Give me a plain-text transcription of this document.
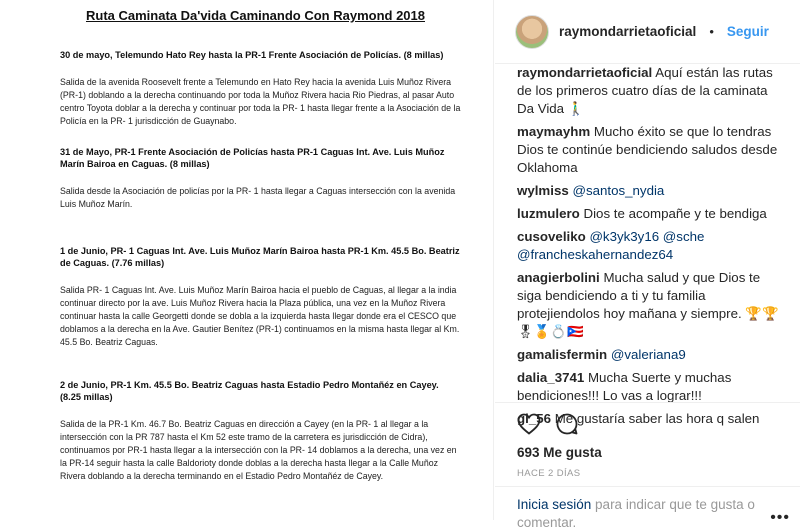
Ruta Caminata Da'vida Caminando Con Raymond 2018
30 de mayo, Telemundo Hato Rey hasta la PR-1 Frente Asociación de Policías. (8 millas)
Salida de la avenida Roosevelt frente a Telemundo en Hato Rey hacia la avenida Luis Muñoz Rivera (PR-1) doblando a la derecha continuando por toda la Muñoz Rivera hacia Rio Piedras, al pasar Auto centro Toyota doblar a la derecha y continuar por toda la PR- 1 hasta llegar frente a la Asociación de la Policía en la PR- 1 jurisdicción de Guaynabo.
31 de Mayo, PR-1 Frente Asociación de Policías hasta PR-1 Caguas Int. Ave. Luis Muñoz Marín Bairoa en Caguas. (8 millas)
Salida desde la Asociación de policías por la PR- 1 hasta llegar a Caguas intersección con la avenida Luis Muñoz Marín.
1 de Junio, PR- 1 Caguas Int. Ave. Luis Muñoz Marín Bairoa hasta PR-1 Km. 45.5 Bo. Beatriz de Caguas. (7.76 millas)
Salida PR- 1 Caguas Int. Ave. Luis Muñoz Marín Bairoa hacia el pueblo de Caguas, al llegar a la india continuar directo por la ave. Luis Muñoz Rivera hacia la Plaza pública, una vez en la Muñoz Rivera continuar hasta la calle Georgetti donde se dobla a la izquierda hasta llegar donde era el CESCO que doblamos a la derecha en la Ave. Gautier Benítez (PR-1) continuamos en la misma hasta llegar al Km. 45.5 Bo. Beatriz Caguas.
2 de Junio, PR-1 Km. 45.5 Bo. Beatriz Caguas hasta Estadio Pedro Montañéz en Cayey. (8.25 millas)
Salida de la PR-1 Km. 46.7 Bo. Beatriz Caguas en dirección a Cayey (en la PR- 1 al llegar a la intersección con la PR 787 hasta el Km 52 este tramo de la carretera es jurisdicción de Cidra), continuamos por PR-1 hasta llegar a la intersección con la PR- 14 doblamos a la derecha, una vez en la PR-14 seguir hasta la calle Baldorioty donde doblas a la derecha hasta llegar a la Calle Muñoz Rivera doblando a la derecha terminando en el Estadio Pedro Montañéz de Cayey.
raymondarrietaoficial • Seguir
raymondarrietaoficial Aquí están las rutas de los primeros cuatro días de la caminata Da Vida 🚶‍♂️
maymayhm Mucho éxito se que lo tendras Dios te continúe bendiciendo saludos desde Oklahoma
wylmiss @santos_nydia
luzmulero Dios te acompañe y te bendiga
cusoveliko @k3yk3y16 @sche @francheskahernandez64
anagierbolini Mucha salud y que Dios te siga bendiciendo a ti y tu familia protejiendolos hoy mañana y siempre. 🏆🏆🎖🏅💍🇵🇷
gamalisfermin @valeriana9
dalia_3741 Mucha Suerte y muchas bendiciones!!! Lo vas a lograr!!!
gi_56 Me gustaría saber las hora q salen
693 Me gusta
HACE 2 DÍAS
Inicia sesión para indicar que te gusta o comentar.	•••
